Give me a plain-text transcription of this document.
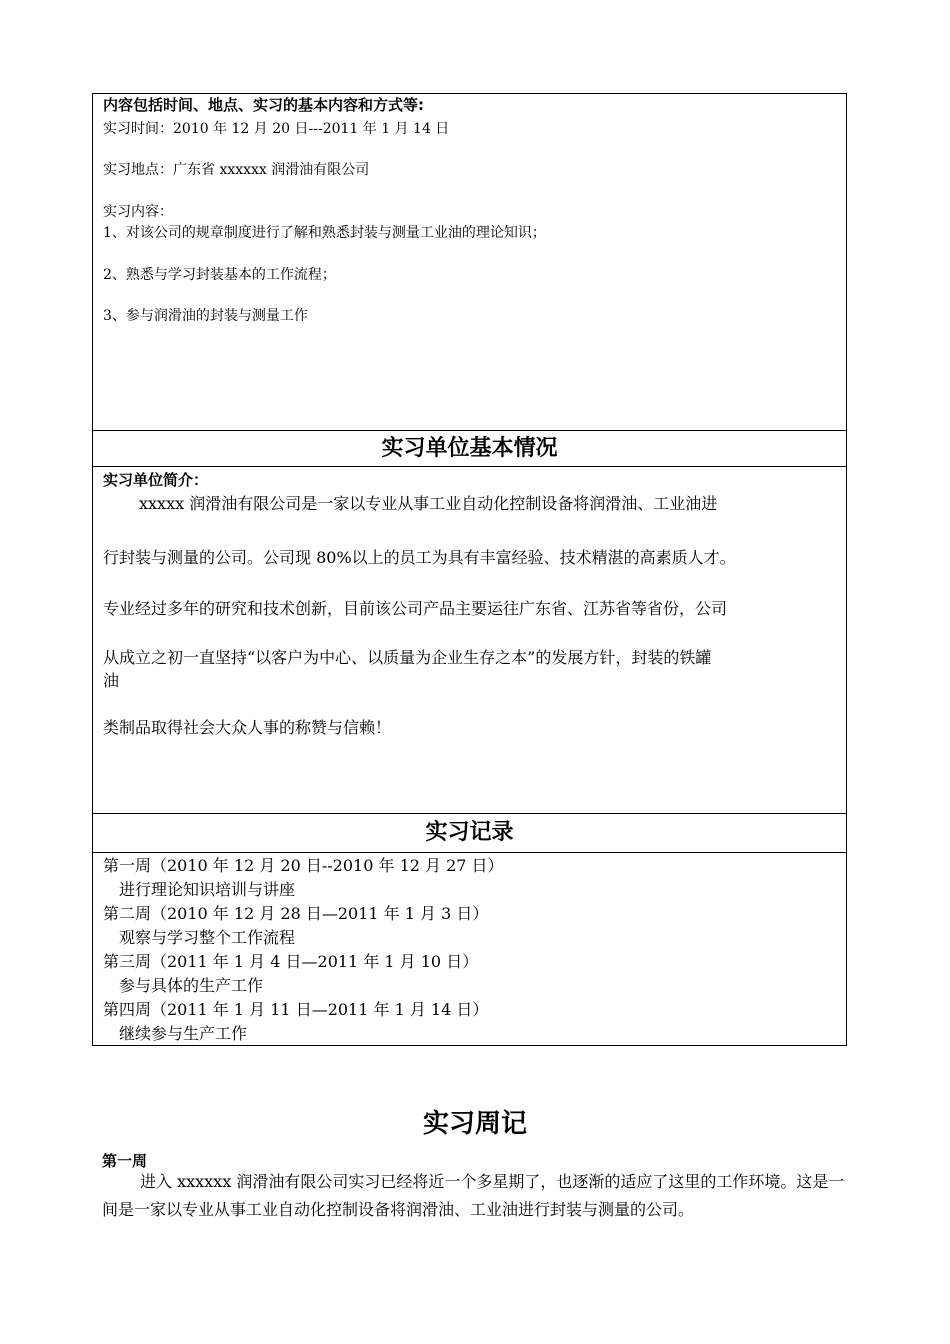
内容包括时间、地点、实习的基本内容和方式等:
实习时间：2010 年 12 月 20 日---2011 年 1 月 14 日
实习地点：广东省 xxxxxx 润滑油有限公司
实习内容：
1、对该公司的规章制度进行了解和熟悉封装与测量工业油的理论知识；
2、熟悉与学习封装基本的工作流程；
3、参与润滑油的封装与测量工作
实习单位基本情况
实习单位简介：
xxxxx 润滑油有限公司是一家以专业从事工业自动化控制设备将润滑油、工业油进
行封装与测量的公司。公司现 80%以上的员工为具有丰富经验、技术精湛的高素质人才。
专业经过多年的研究和技术创新，目前该公司产品主要运往广东省、江苏省等省份，公司
从成立之初一直坚持“以客户为中心、以质量为企业生存之本”的发展方针，封装的铁罐
油
类制品取得社会大众人事的称赞与信赖！
实习记录
第一周（2010 年 12 月 20 日--2010 年 12 月 27 日）
进行理论知识培训与讲座
第二周（2010 年 12 月 28 日—2011 年 1 月 3 日）
观察与学习整个工作流程
第三周（2011 年 1 月 4 日—2011 年 1 月 10 日）
参与具体的生产工作
第四周（2011 年 1 月 11 日—2011 年 1 月 14 日）
继续参与生产工作
实习周记
第一周
进入 xxxxxx 润滑油有限公司实习已经将近一个多星期了，也逐渐的适应了这里的工作环境。这是一间是一家以专业从事工业自动化控制设备将润滑油、工业油进行封装与测量的公司。
